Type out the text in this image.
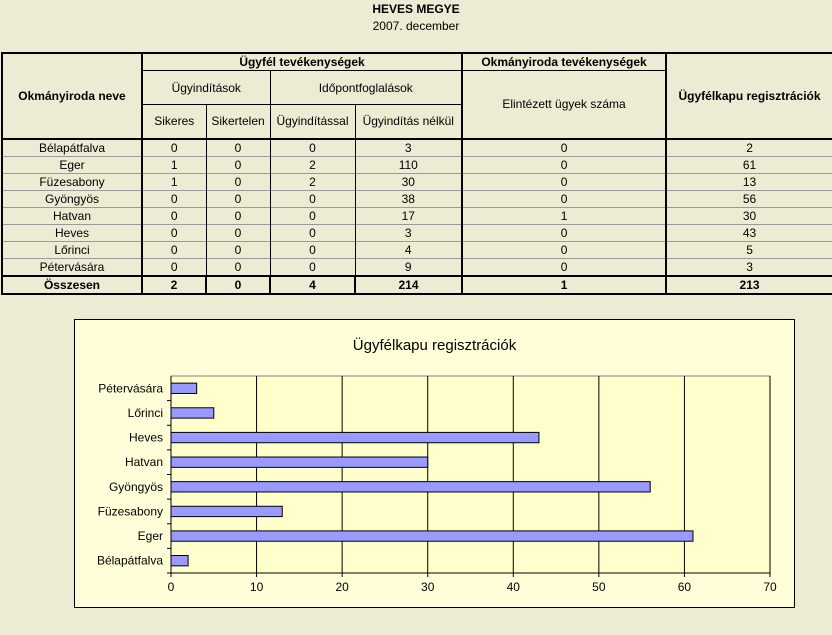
HEVES MEGYE
2007. december
Okmányiroda neve	Ügyfél tevékenységek				Okmányiroda tevékenységek	Ügyfélkapu regisztrációk
	Ügyindítások		Időpontfoglalások		Elintézett ügyek száma	
	Sikeres	Sikertelen	Ügyindítással	Ügyindítás nélkül		
Bélapátfalva	0	0	0	3	0	2
Eger	1	0	2	110	0	61
Füzesabony	1	0	2	30	0	13
Gyöngyös	0	0	0	38	0	56
Hatvan	0	0	0	17	1	30
Heves	0	0	0	3	0	43
Lőrinci	0	0	0	4	0	5
Pétervására	0	0	0	9	0	3
Összesen	2	0	4	214	1	213
Ügyfélkapu regisztrációk
0	10	20	30	40	50	60	70
Bélapátfalva
Eger
Füzesabony
Gyöngyös
Hatvan
Heves
Lőrinci
Pétervására
